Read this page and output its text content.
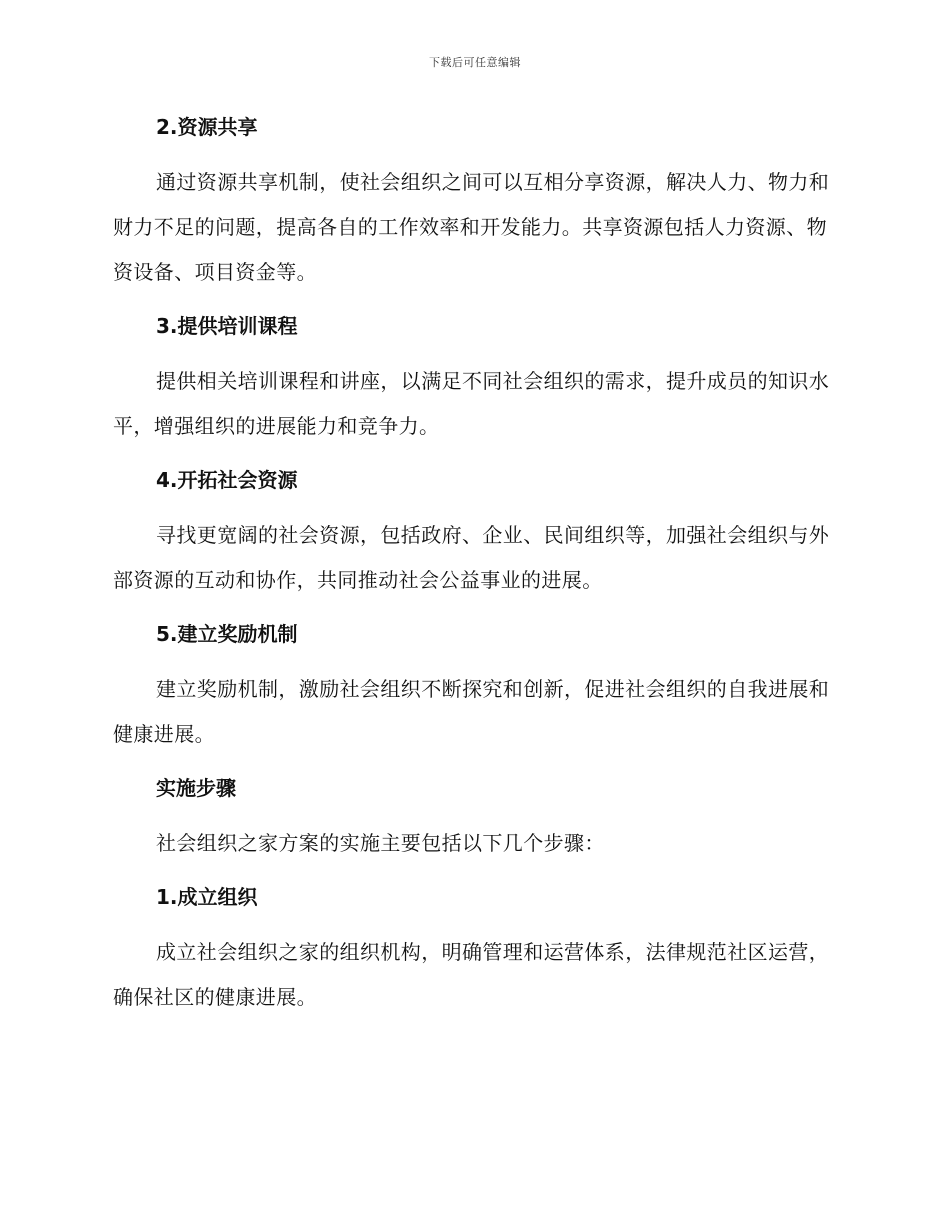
下载后可任意编辑

2.资源共享

通过资源共享机制，使社会组织之间可以互相分享资源，解决人力、物力和财力不足的问题，提高各自的工作效率和开发能力。共享资源包括人力资源、物资设备、项目资金等。

3.提供培训课程

提供相关培训课程和讲座，以满足不同社会组织的需求，提升成员的知识水平，增强组织的进展能力和竞争力。

4.开拓社会资源

寻找更宽阔的社会资源，包括政府、企业、民间组织等，加强社会组织与外部资源的互动和协作，共同推动社会公益事业的进展。

5.建立奖励机制

建立奖励机制，激励社会组织不断探究和创新，促进社会组织的自我进展和健康进展。

实施步骤

社会组织之家方案的实施主要包括以下几个步骤：

1.成立组织

成立社会组织之家的组织机构，明确管理和运营体系，法律规范社区运营，确保社区的健康进展。
